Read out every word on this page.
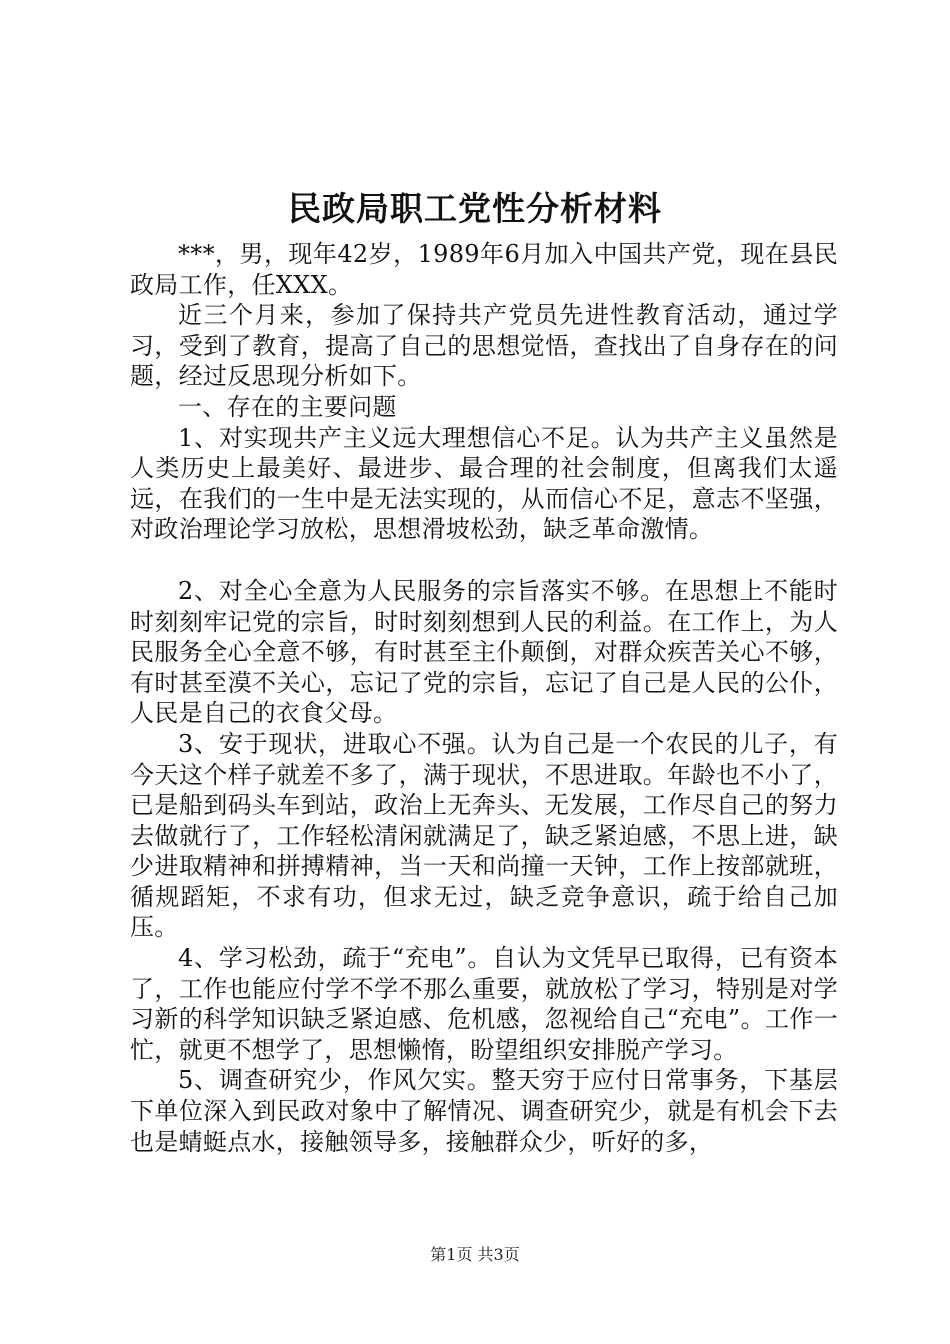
民政局职工党性分析材料

***，男，现年42岁，1989年6月加入中国共产党，现在县民政局工作，任XXX。

近三个月来，参加了保持共产党员先进性教育活动，通过学习，受到了教育，提高了自己的思想觉悟，查找出了自身存在的问题，经过反思现分析如下。

一、存在的主要问题

1、对实现共产主义远大理想信心不足。认为共产主义虽然是人类历史上最美好、最进步、最合理的社会制度，但离我们太遥远，在我们的一生中是无法实现的，从而信心不足，意志不坚强，对政治理论学习放松，思想滑坡松劲，缺乏革命激情。

2、对全心全意为人民服务的宗旨落实不够。在思想上不能时时刻刻牢记党的宗旨，时时刻刻想到人民的利益。在工作上，为人民服务全心全意不够，有时甚至主仆颠倒，对群众疾苦关心不够，有时甚至漠不关心，忘记了党的宗旨，忘记了自己是人民的公仆，人民是自己的衣食父母。

3、安于现状，进取心不强。认为自己是一个农民的儿子，有今天这个样子就差不多了，满于现状，不思进取。年龄也不小了，已是船到码头车到站，政治上无奔头、无发展，工作尽自己的努力去做就行了，工作轻松清闲就满足了，缺乏紧迫感，不思上进，缺少进取精神和拼搏精神，当一天和尚撞一天钟，工作上按部就班，循规蹈矩，不求有功，但求无过，缺乏竞争意识，疏于给自己加压。

4、学习松劲，疏于“充电”。自认为文凭早已取得，已有资本了，工作也能应付学不学不那么重要，就放松了学习，特别是对学习新的科学知识缺乏紧迫感、危机感，忽视给自己“充电”。工作一忙，就更不想学了，思想懒惰，盼望组织安排脱产学习。

5、调查研究少，作风欠实。整天穷于应付日常事务，下基层下单位深入到民政对象中了解情况、调查研究少，就是有机会下去也是蜻蜓点水，接触领导多，接触群众少，听好的多，

第1页 共3页
